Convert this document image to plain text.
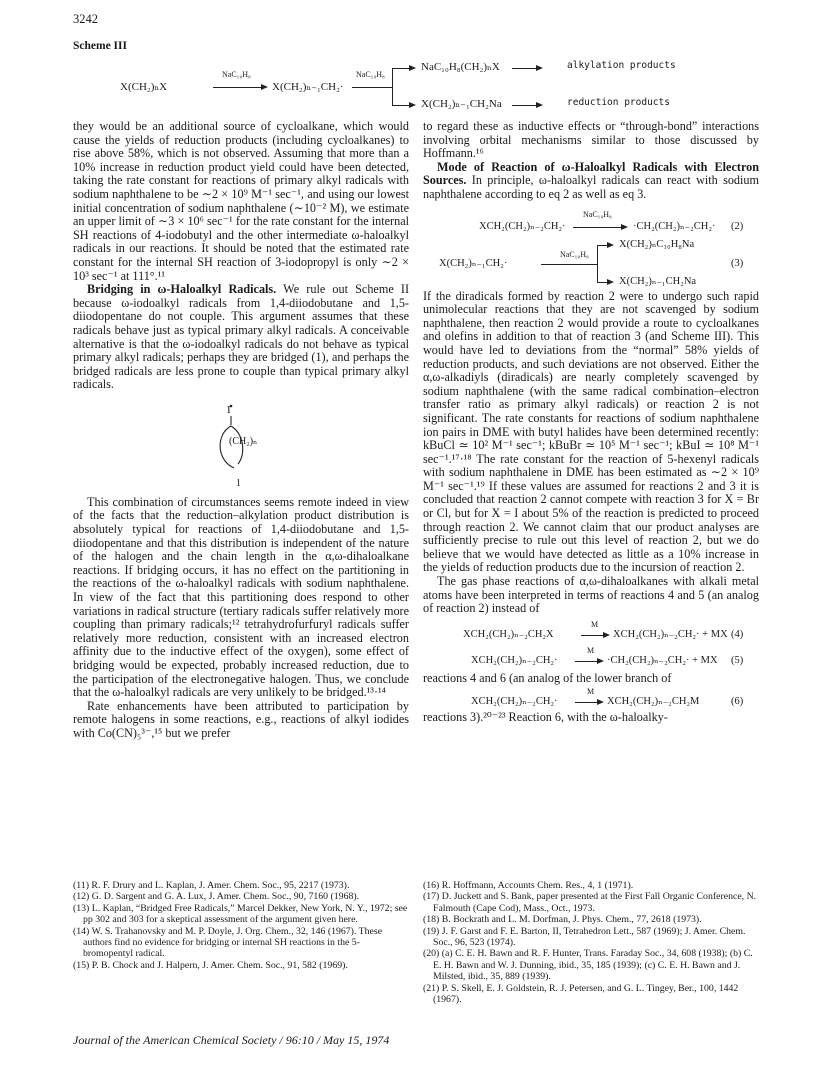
3242
Scheme III
X(CH₂)ₙX
NaC₁₀H₈
X(CH₂)ₙ₋₁CH₂·
NaC₁₀H₈
NaC₁₀H₈(CH₂)ₙX	alkylation products
X(CH₂)ₙ₋₁CH₂Na	reduction products

they would be an additional source of cycloalkane, which would cause the yields of reduction products (including cycloalkanes) to rise above 58%, which is not observed. Assuming that more than a 10% increase in reduction product yield could have been detected, taking the rate constant for reactions of primary alkyl radicals with sodium naphthalene to be ∼2 × 10⁹ M⁻¹ sec⁻¹, and using our lowest initial concentration of sodium naphthalene (∼10⁻² M), we estimate an upper limit of ∼3 × 10⁶ sec⁻¹ for the rate constant for the internal SH reactions of 4-iodobutyl and the other intermediate ω-haloalkyl radicals in our reactions. It should be noted that the estimated rate constant for the internal SH reaction of 3-iodopropyl is only ∼2 × 10³ sec⁻¹ at 111°.¹¹

Bridging in ω-Haloalkyl Radicals. We rule out Scheme II because ω-iodoalkyl radicals from 1,4-diiodobutane and 1,5-diiodopentane do not couple. This argument assumes that these radicals behave just as typical primary alkyl radicals. A conceivable alternative is that the ω-iodoalkyl radicals do not behave as typical primary alkyl radicals; perhaps they are bridged (1), and perhaps the bridged radicals are less prone to couple than typical primary alkyl radicals.

I
(CH₂)ₙ
1

This combination of circumstances seems remote indeed in view of the facts that the reduction–alkylation product distribution is absolutely typical for reactions of 1,4-diiodobutane and 1,5-diiodopentane and that this distribution is independent of the nature of the halogen and the chain length in the α,ω-dihaloalkane reactions. If bridging occurs, it has no effect on the partitioning in the reactions of the ω-haloalkyl radicals with sodium naphthalene. In view of the fact that this partitioning does respond to other variations in radical structure (tertiary radicals suffer relatively more coupling than primary radicals;¹² tetrahydrofurfuryl radicals suffer relatively more reduction, consistent with an increased electron affinity due to the inductive effect of the oxygen), some effect of bridging would be expected, probably increased reduction, due to the participation of the electronegative halogen. Thus, we conclude that the ω-haloalkyl radicals are very unlikely to be bridged.¹³·¹⁴

Rate enhancements have been attributed to participation by remote halogens in some reactions, e.g., reactions of alkyl iodides with Co(CN)₅³⁻,¹⁵ but we prefer

to regard these as inductive effects or “through-bond” interactions involving orbital mechanisms similar to those discussed by Hoffmann.¹⁶

Mode of Reaction of ω-Haloalkyl Radicals with Electron Sources. In principle, ω-haloalkyl radicals can react with sodium naphthalene according to eq 2 as well as eq 3.

XCH₂(CH₂)ₙ₋₂CH₂·
NaC₁₀H₈
·CH₂(CH₂)ₙ₋₂CH₂· (2)
X(CH₂)ₙ₋₁CH₂·
NaC₁₀H₈
X(CH₂)ₙC₁₀H₈Na
X(CH₂)ₙ₋₁CH₂Na
(3)

If the diradicals formed by reaction 2 were to undergo such rapid unimolecular reactions that they are not scavenged by sodium naphthalene, then reaction 2 would provide a route to cycloalkanes and olefins in addition to that of reaction 3 (and Scheme III). This would have led to deviations from the “normal” 58% yields of reduction products, and such deviations are not observed. Either the α,ω-alkadiyls (diradicals) are nearly completely scavenged by sodium naphthalene (with the same radical combination–electron transfer ratio as primary alkyl radicals) or reaction 2 is not significant. The rate constants for reactions of sodium naphthalene ion pairs in DME with butyl halides have been determined recently: kBuCl ≃ 10² M⁻¹ sec⁻¹; kBuBr ≃ 10⁵ M⁻¹ sec⁻¹; kBuI ≃ 10⁸ M⁻¹ sec⁻¹.¹⁷·¹⁸ The rate constant for the reaction of 5-hexenyl radicals with sodium naphthalene in DME has been estimated as ∼2 × 10⁹ M⁻¹ sec⁻¹.¹⁹ If these values are assumed for reactions 2 and 3 it is concluded that reaction 2 cannot compete with reaction 3 for X = Br or Cl, but for X = I about 5% of the reaction is predicted to proceed through reaction 2. We cannot claim that our product analyses are sufficiently precise to rule out this level of reaction 2, but we do believe that we would have detected as little as a 10% increase in the yields of reduction products due to the incursion of reaction 2.

The gas phase reactions of α,ω-dihaloalkanes with alkali metal atoms have been interpreted in terms of reactions 4 and 5 (an analog of reaction 2) instead of

XCH₂(CH₂)ₙ₋₂CH₂X
M
XCH₂(CH₂)ₙ₋₂CH₂· + MX (4)
XCH₂(CH₂)ₙ₋₂CH₂·
M
·CH₂(CH₂)ₙ₋₂CH₂· + MX (5)

reactions 4 and 6 (an analog of the lower branch of

XCH₂(CH₂)ₙ₋₂CH₂·
M
XCH₂(CH₂)ₙ₋₂CH₂M	(6)

reactions 3).²⁰⁻²³ Reaction 6, with the ω-haloalky-

(11) R. F. Drury and L. Kaplan, J. Amer. Chem. Soc., 95, 2217 (1973).

(12) G. D. Sargent and G. A. Lux, J. Amer. Chem. Soc., 90, 7160 (1968).

(13) L. Kaplan, “Bridged Free Radicals,” Marcel Dekker, New York, N. Y., 1972; see pp 302 and 303 for a skeptical assessment of the argument given here.

(14) W. S. Trahanovsky and M. P. Doyle, J. Org. Chem., 32, 146 (1967). These authors find no evidence for bridging or internal SH reactions in the 5-bromopentyl radical.

(15) P. B. Chock and J. Halpern, J. Amer. Chem. Soc., 91, 582 (1969).

(16) R. Hoffmann, Accounts Chem. Res., 4, 1 (1971).

(17) D. Juckett and S. Bank, paper presented at the First Fall Organic Conference, N. Falmouth (Cape Cod), Mass., Oct., 1973.

(18) B. Bockrath and L. M. Dorfman, J. Phys. Chem., 77, 2618 (1973).

(19) J. F. Garst and F. E. Barton, II, Tetrahedron Lett., 587 (1969); J. Amer. Chem. Soc., 96, 523 (1974).

(20) (a) C. E. H. Bawn and R. F. Hunter, Trans. Faraday Soc., 34, 608 (1938); (b) C. E. H. Bawn and W. J. Dunning, ibid., 35, 185 (1939); (c) C. E. H. Bawn and J. Milsted, ibid., 35, 889 (1939).

(21) P. S. Skell, E. J. Goldstein, R. J. Petersen, and G. L. Tingey, Ber., 100, 1442 (1967).

Journal of the American Chemical Society / 96:10 / May 15, 1974
